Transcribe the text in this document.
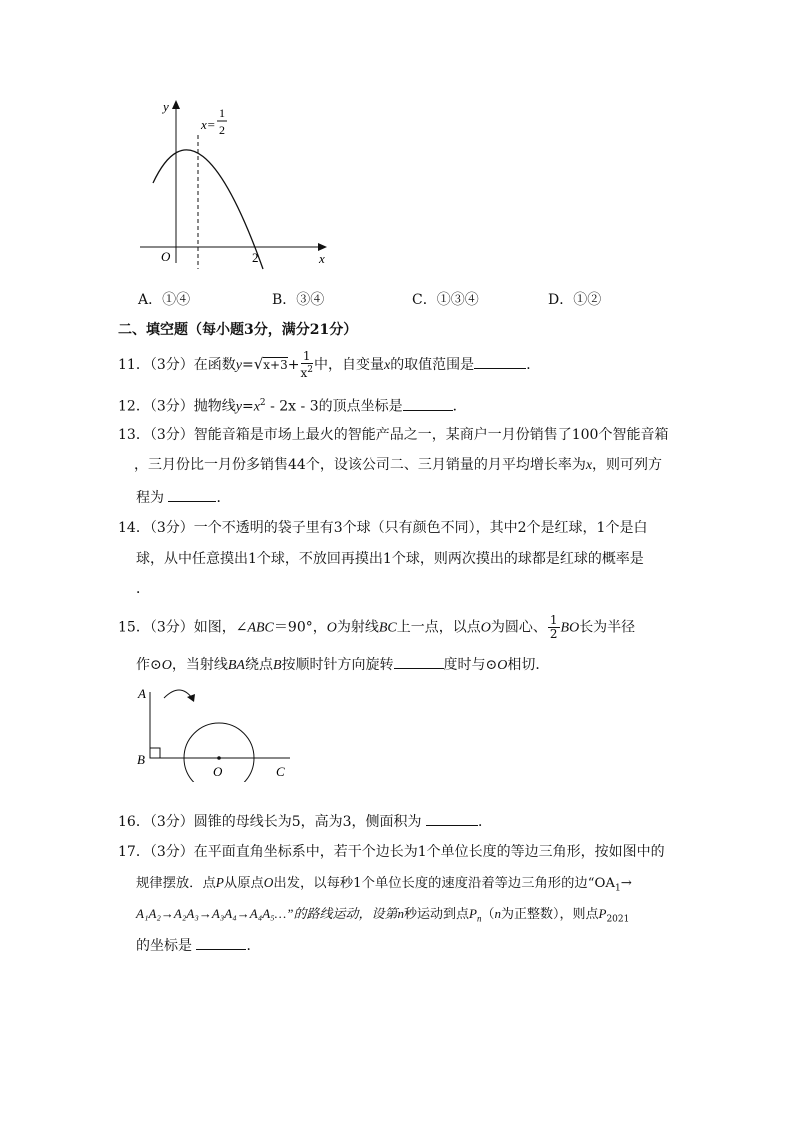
y
x
O	2
x=
1
2
A．①④	B．③④	C．①③④	D．①②
二、填空题（每小题3分，满分21分）
11．（3分）在函数$y=√x+3+ \frac{1}{x^2}$ 中，自变量x的取值范围是	．
12．（3分）抛物线$y=x^2 - 2x - 3$的顶点坐标是	．
13．（3分）智能音箱是市场上最火的智能产品之一，某商户一月份销售了100个智能音箱
，三月份比一月份多销售44个，设该公司二、三月销量的月平均增长率为x，则可列方
程为	．
14．（3分）一个不透明的袋子里有3个球（只有颜色不同），其中2个是红球，1个是白
球，从中任意摸出1个球，不放回再摸出1个球，则两次摸出的球都是红球的概率是
．
15．（3分）如图，∠ABC＝90°，O为射线BC上一点，以点O为圆心、 $\frac{1}{2}$ BO长为半径
作⊙O，当射线BA绕点B按顺时针方向旋转	度时与⊙O相切．
A
B
O	C
16．（3分）圆锥的母线长为5，高为3，侧面积为	．
17．（3分）在平面直角坐标系中，若干个边长为1个单位长度的等边三角形，按如图中的
规律摆放．点P从原点O出发，以每秒1个单位长度的速度沿着等边三角形的边“$OA_1\to$
A₁A₂→A₂A₃→A₃A₄→A₄A₅…”的路线运动，设第n秒运动到点$P_n(n$为正整数），则点$P_{2021}$
的坐标是	．
